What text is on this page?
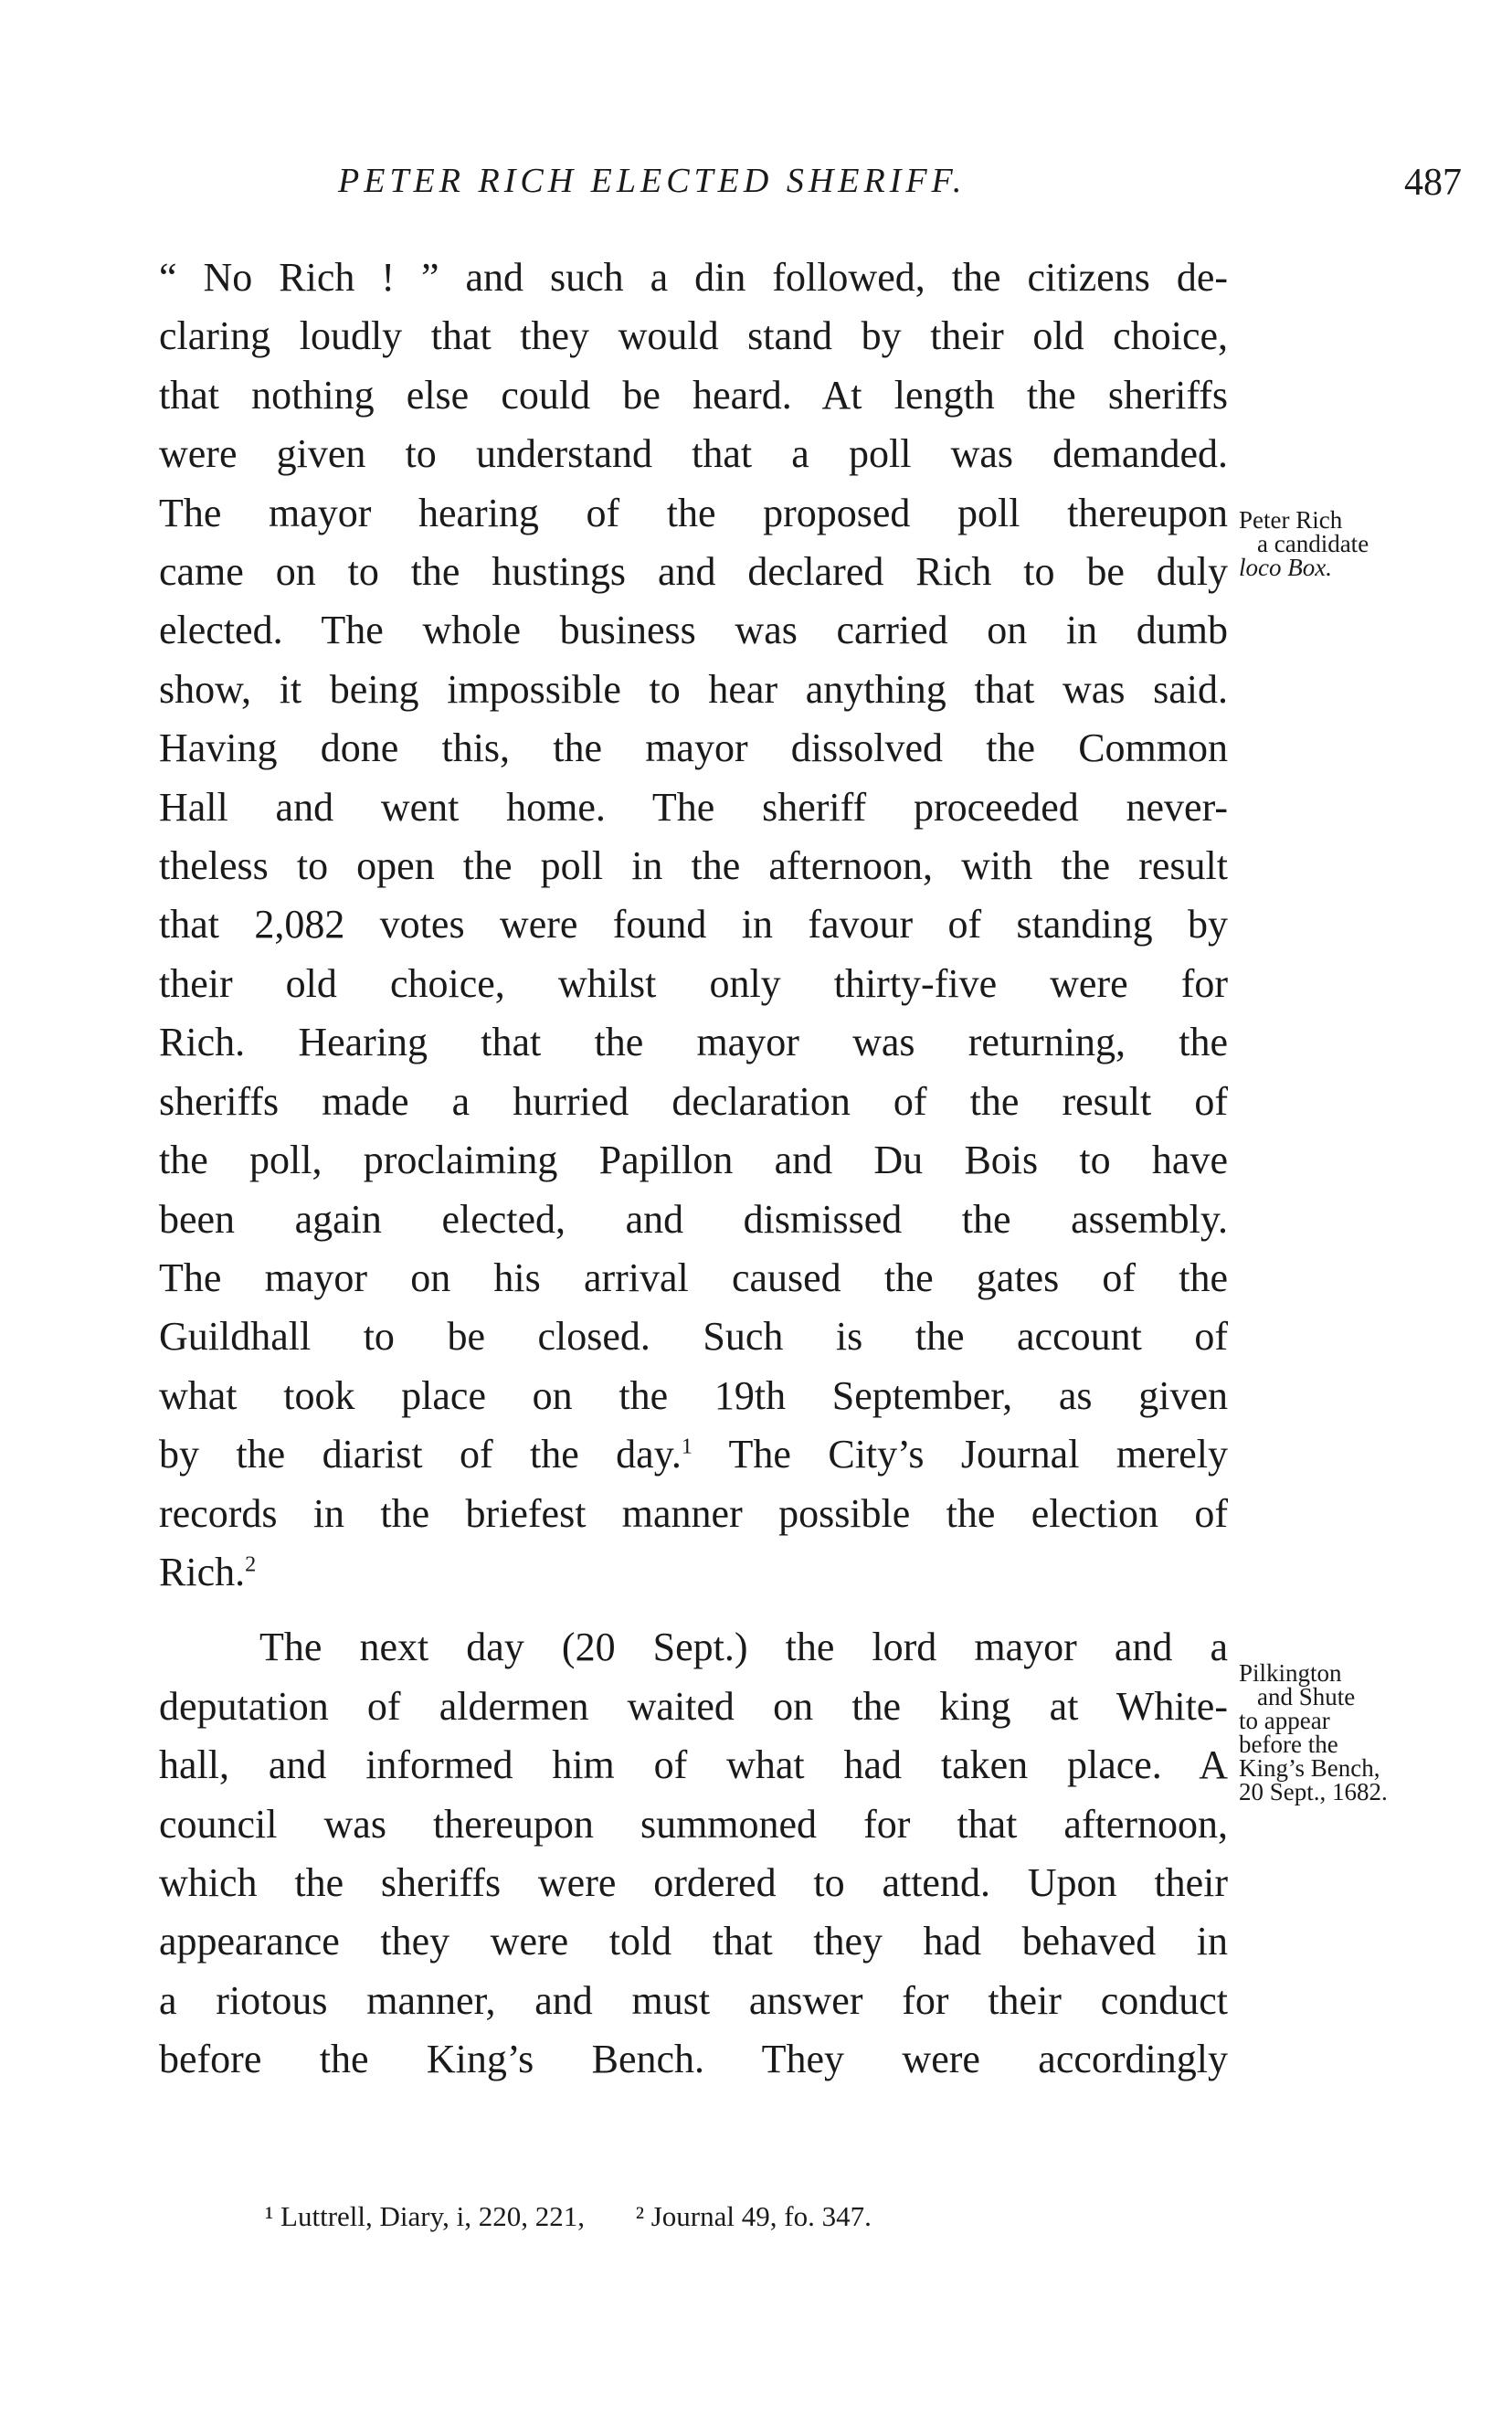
PETER RICH ELECTED SHERIFF.	487

“ No Rich ! ” and such a din followed, the citizens de-
claring loudly that they would stand by their old choice,
that nothing else could be heard. At length the sheriffs
were given to understand that a poll was demanded.
The mayor hearing of the proposed poll thereupon
came on to the hustings and declared Rich to be duly
elected. The whole business was carried on in dumb
show, it being impossible to hear anything that was said.
Having done this, the mayor dissolved the Common
Hall and went home. The sheriff proceeded never-
theless to open the poll in the afternoon, with the result
that 2,082 votes were found in favour of standing by
their old choice, whilst only thirty-five were for
Rich. Hearing that the mayor was returning, the
sheriffs made a hurried declaration of the result of
the poll, proclaiming Papillon and Du Bois to have
been again elected, and dismissed the assembly.
The mayor on his arrival caused the gates of the
Guildhall to be closed. Such is the account of
what took place on the 19th September, as given
by the diarist of the day.$^1$ The City’s Journal merely
records in the briefest manner possible the election of
Rich.$^2$

The next day (20 Sept.) the lord mayor and a
deputation of aldermen waited on the king at White-
hall, and informed him of what had taken place. A
council was thereupon summoned for that afternoon,
which the sheriffs were ordered to attend. Upon their
appearance they were told that they had behaved in
a riotous manner, and must answer for their conduct
before the King’s Bench. They were accordingly

Peter Rich
a candidate
loco Box.
Pilkington
and Shute
to appear
before the
King’s Bench,
20 Sept., 1682.
¹ Luttrell, Diary, i, 220, 221, ² Journal 49, fo. 347.
